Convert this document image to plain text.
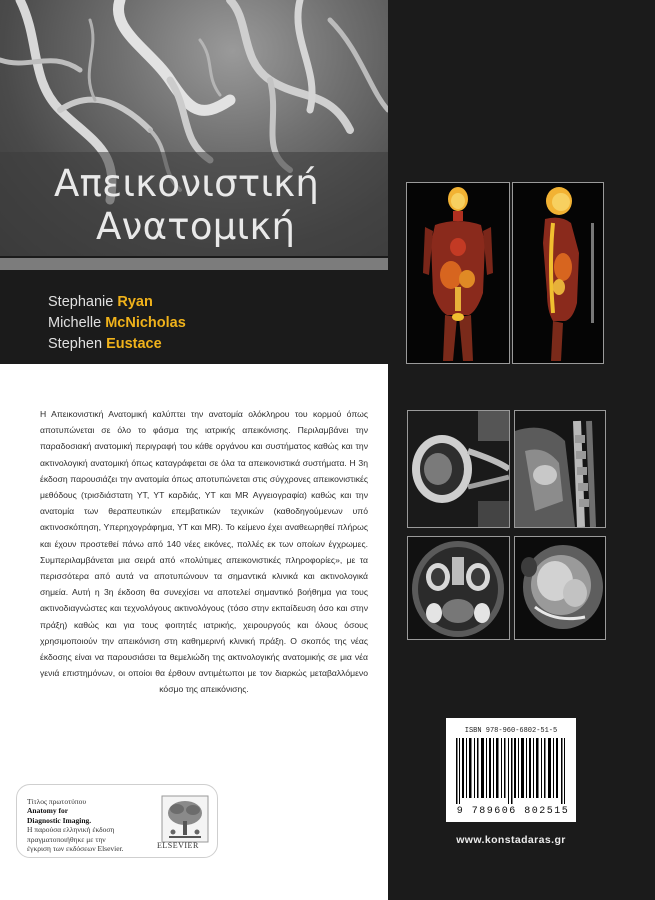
Απεικονιστική
Ανατομική
Stephanie Ryan
Michelle McNicholas
Stephen Eustace
Η Απεικονιστική Ανατομική καλύπτει την ανατομία ολόκληρου του κορμού όπως αποτυπώνεται σε όλο το φάσμα της ιατρικής απεικόνισης. Περιλαμβάνει την παραδοσιακή ανατομική περιγραφή του κάθε οργάνου και συστήματος καθώς και την ακτινολογική ανατομική όπως καταγράφεται σε όλα τα απεικονιστικά συστήματα. Η 3η έκδοση παρουσιάζει την ανατομία όπως αποτυπώνεται στις σύγχρονες απεικονιστικές μεθόδους (τρισδιάστατη ΥΤ, ΥΤ καρδιάς, ΥΤ και MR Αγγειογραφία) καθώς και την ανατομία των θεραπευτικών επεμβατικών τεχνικών (καθοδηγούμενων υπό ακτινοσκόπηση, Υπερηχογράφημα, ΥΤ και MR). Το κείμενο έχει αναθεωρηθεί πλήρως και έχουν προστεθεί πάνω από 140 νέες εικόνες, πολλές εκ των οποίων έγχρωμες. Συμπεριλαμβάνεται μια σειρά από «πολύτιμες απεικονιστικές πληροφορίες», με τα περισσότερα από αυτά να αποτυπώνουν τα σημαντικά κλινικά και ακτινολογικά σημεία. Αυτή η 3η έκδοση θα συνεχίσει να αποτελεί σημαντικό βοήθημα για τους ακτινοδιαγνώστες και τεχνολόγους ακτινολόγους (τόσο στην εκπαίδευση όσο και στην πράξη) καθώς και για τους φοιτητές ιατρικής, χειρουργούς και όλους όσους χρησιμοποιούν την απεικόνιση στη καθημερινή κλινική πράξη. Ο σκοπός της νέας έκδοσης είναι να παρουσιάσει τα θεμελιώδη της ακτινολογικής ανατομικής σε μια νέα γενιά επιστημόνων, οι οποίοι θα έρθουν αντιμέτωποι με τον διαρκώς μεταβαλλόμενο κόσμο της απεικόνισης.
Τίτλος πρωτοτύπου
Anatomy for
Diagnostic Imaging.
Η παρούσα ελληνική έκδοση
πραγματοποιήθηκε με την
έγκριση των εκδόσεων Elsevier.	ELSEVIER
ISBN 978-960-6802-51-5
9 789606 802515
www.konstadaras.gr
